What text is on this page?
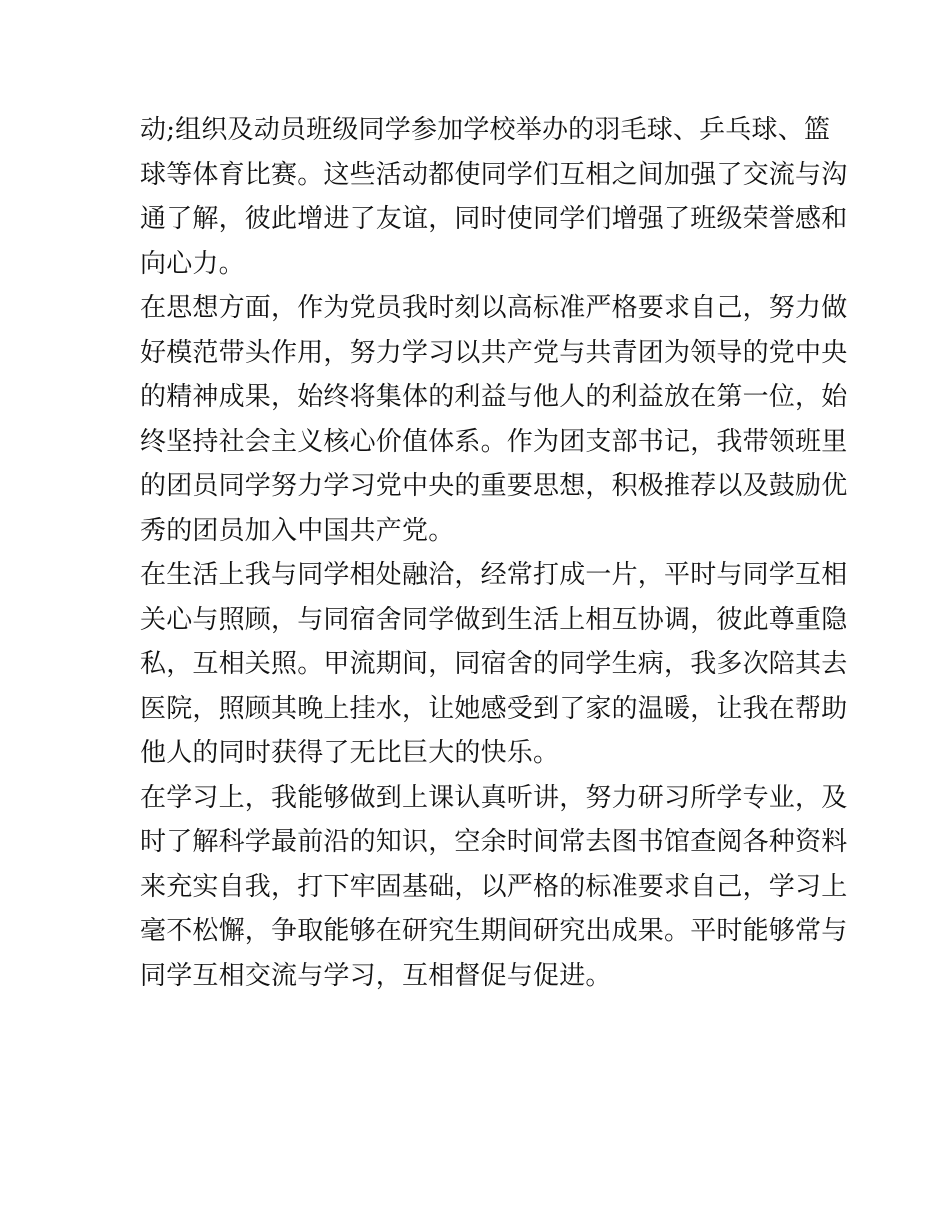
动;组织及动员班级同学参加学校举办的羽毛球、乒乓球、篮
球等体育比赛。这些活动都使同学们互相之间加强了交流与沟
通了解，彼此增进了友谊，同时使同学们增强了班级荣誉感和
向心力。
在思想方面，作为党员我时刻以高标准严格要求自己，努力做
好模范带头作用，努力学习以共产党与共青团为领导的党中央
的精神成果，始终将集体的利益与他人的利益放在第一位，始
终坚持社会主义核心价值体系。作为团支部书记，我带领班里
的团员同学努力学习党中央的重要思想，积极推荐以及鼓励优
秀的团员加入中国共产党。
在生活上我与同学相处融洽，经常打成一片，平时与同学互相
关心与照顾，与同宿舍同学做到生活上相互协调，彼此尊重隐
私，互相关照。甲流期间，同宿舍的同学生病，我多次陪其去
医院，照顾其晚上挂水，让她感受到了家的温暖，让我在帮助
他人的同时获得了无比巨大的快乐。
在学习上，我能够做到上课认真听讲，努力研习所学专业，及
时了解科学最前沿的知识，空余时间常去图书馆查阅各种资料
来充实自我，打下牢固基础，以严格的标准要求自己，学习上
毫不松懈，争取能够在研究生期间研究出成果。平时能够常与
同学互相交流与学习，互相督促与促进。
